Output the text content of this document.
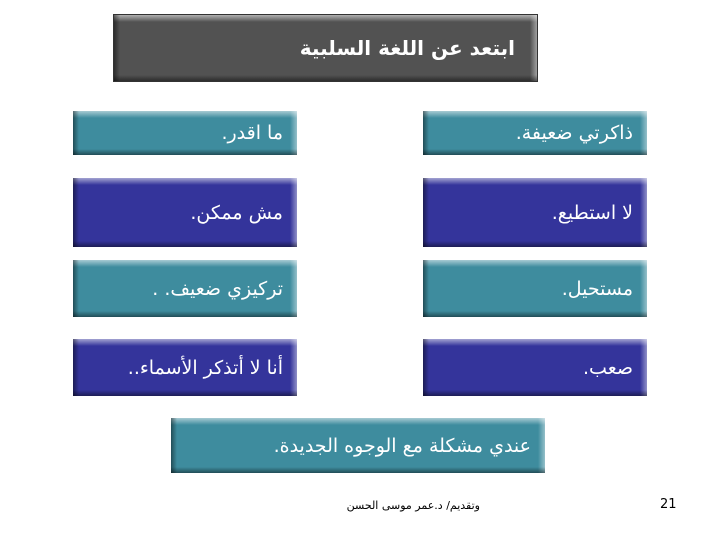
ابتعد عن اللغة السلبية
ذاكرتي ضعيفة.
ما اقدر.
لا استطيع.
مش ممكن.
مستحيل.
تركيزي ضعيف. .
صعب.
أنا لا أتذكر الأسماء..
عندي مشكلة مع الوجوه الجديدة.
وتقديم/ د.عمر موسى الحسن	21
